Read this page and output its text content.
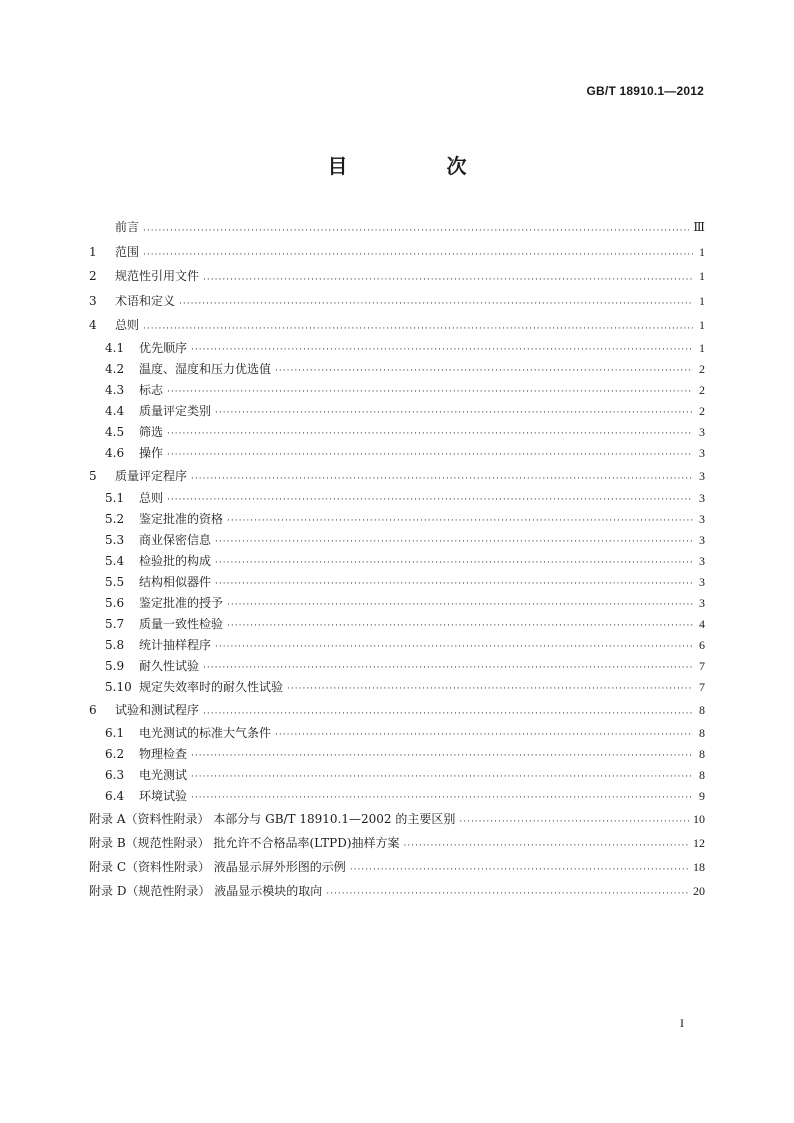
GB/T 18910.1—2012
目 次
前言 ·····	Ⅲ
1	范围 ·····	1
2	规范性引用文件 ·····	1
3	术语和定义 ·····	1
4	总则 ·····	1
4.1	优先顺序 ·····	1
4.2	温度、湿度和压力优选值 ·····	2
4.3	标志 ·····	2
4.4	质量评定类别 ·····	2
4.5	筛选 ·····	3
4.6	操作 ·····	3
5	质量评定程序 ·····	3
5.1	总则 ·····	3
5.2	鉴定批准的资格 ·····	3
5.3	商业保密信息 ·····	3
5.4	检验批的构成 ·····	3
5.5	结构相似器件 ·····	3
5.6	鉴定批准的授予 ·····	3
5.7	质量一致性检验 ·····	4
5.8	统计抽样程序 ·····	6
5.9	耐久性试验 ·····	7
5.10 规定失效率时的耐久性试验 ·····	7
6	试验和测试程序 ·····	8
6.1	电光测试的标准大气条件 ·····	8
6.2	物理检查 ·····	8
6.3	电光测试 ·····	8
6.4	环境试验 ·····	9
附录 A（资料性附录） 本部分与 GB/T 18910.1—2002 的主要区别 ·····	10
附录 B（规范性附录） 批允许不合格品率(LTPD)抽样方案 ·····	12
附录 C（资料性附录） 液晶显示屏外形图的示例 ·····	18
附录 D（规范性附录） 液晶显示模块的取向 ·····	20
I
